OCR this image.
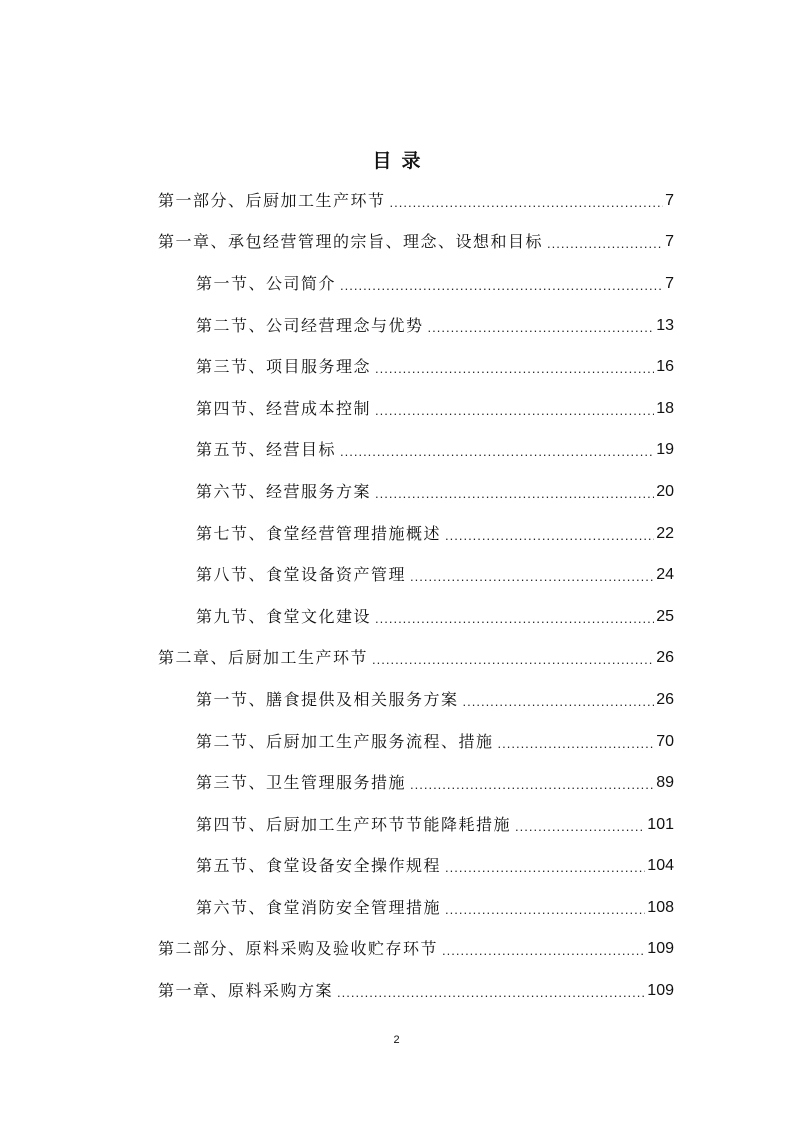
目录
第一部分、后厨加工生产环节 .....	7
第一章、承包经营管理的宗旨、理念、设想和目标 .....	7
第一节、公司简介 .....	7
第二节、公司经营理念与优势 .....	13
第三节、项目服务理念 .....	16
第四节、经营成本控制 .....	18
第五节、经营目标 .....	19
第六节、经营服务方案 .....	20
第七节、食堂经营管理措施概述 .....	22
第八节、食堂设备资产管理 .....	24
第九节、食堂文化建设 .....	25
第二章、后厨加工生产环节 .....	26
第一节、膳食提供及相关服务方案 .....	26
第二节、后厨加工生产服务流程、措施 .....	70
第三节、卫生管理服务措施 .....	89
第四节、后厨加工生产环节节能降耗措施 .....	101
第五节、食堂设备安全操作规程 .....	104
第六节、食堂消防安全管理措施 .....	108
第二部分、原料采购及验收贮存环节 .....	109
第一章、原料采购方案 .....	109
2
